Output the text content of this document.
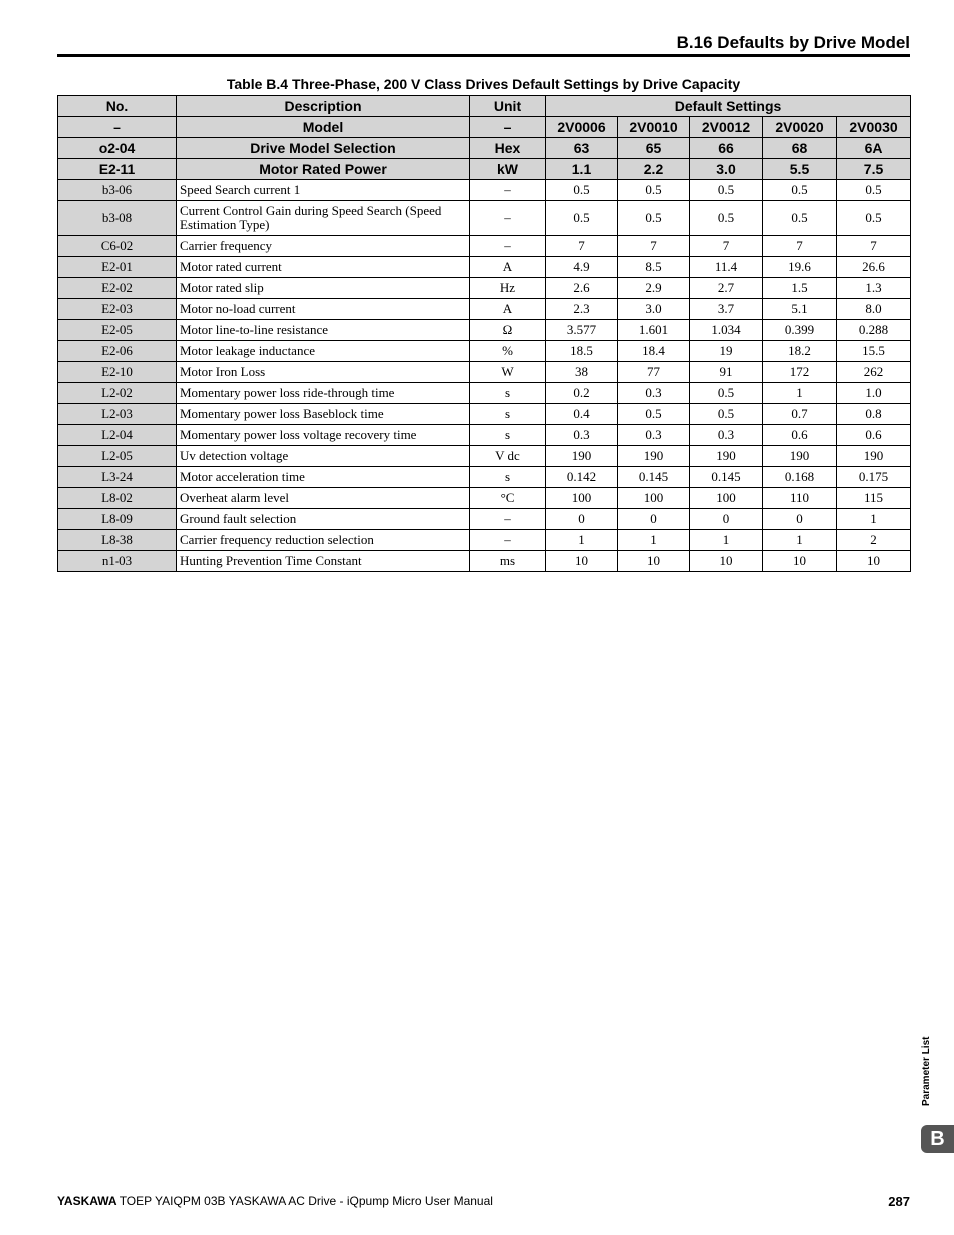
B.16 Defaults by Drive Model
Table B.4 Three-Phase, 200 V Class Drives Default Settings by Drive Capacity
No.	Description	Unit	Default Settings				
–	Model	–	2V0006	2V0010	2V0012	2V0020	2V0030
o2-04	Drive Model Selection	Hex	63	65	66	68	6A
E2-11	Motor Rated Power	kW	1.1	2.2	3.0	5.5	7.5
b3-06	Speed Search current 1	–	0.5	0.5	0.5	0.5	0.5
b3-08	Current Control Gain during Speed Search (Speed Estimation Type)	–	0.5	0.5	0.5	0.5	0.5
C6-02	Carrier frequency	–	7	7	7	7	7
E2-01	Motor rated current	A	4.9	8.5	11.4	19.6	26.6
E2-02	Motor rated slip	Hz	2.6	2.9	2.7	1.5	1.3
E2-03	Motor no-load current	A	2.3	3.0	3.7	5.1	8.0
E2-05	Motor line-to-line resistance	Ω	3.577	1.601	1.034	0.399	0.288
E2-06	Motor leakage inductance	%	18.5	18.4	19	18.2	15.5
E2-10	Motor Iron Loss	W	38	77	91	172	262
L2-02	Momentary power loss ride-through time	s	0.2	0.3	0.5	1	1.0
L2-03	Momentary power loss Baseblock time	s	0.4	0.5	0.5	0.7	0.8
L2-04	Momentary power loss voltage recovery time	s	0.3	0.3	0.3	0.6	0.6
L2-05	Uv detection voltage	V dc	190	190	190	190	190
L3-24	Motor acceleration time	s	0.142	0.145	0.145	0.168	0.175
L8-02	Overheat alarm level	°C	100	100	100	110	115
L8-09	Ground fault selection	–	0	0	0	0	1
L8-38	Carrier frequency reduction selection	–	1	1	1	1	2
n1-03	Hunting Prevention Time Constant	ms	10	10	10	10	10
Parameter List
B
YASKAWA TOEP YAIQPM 03B YASKAWA AC Drive - iQpump Micro User Manual	287
